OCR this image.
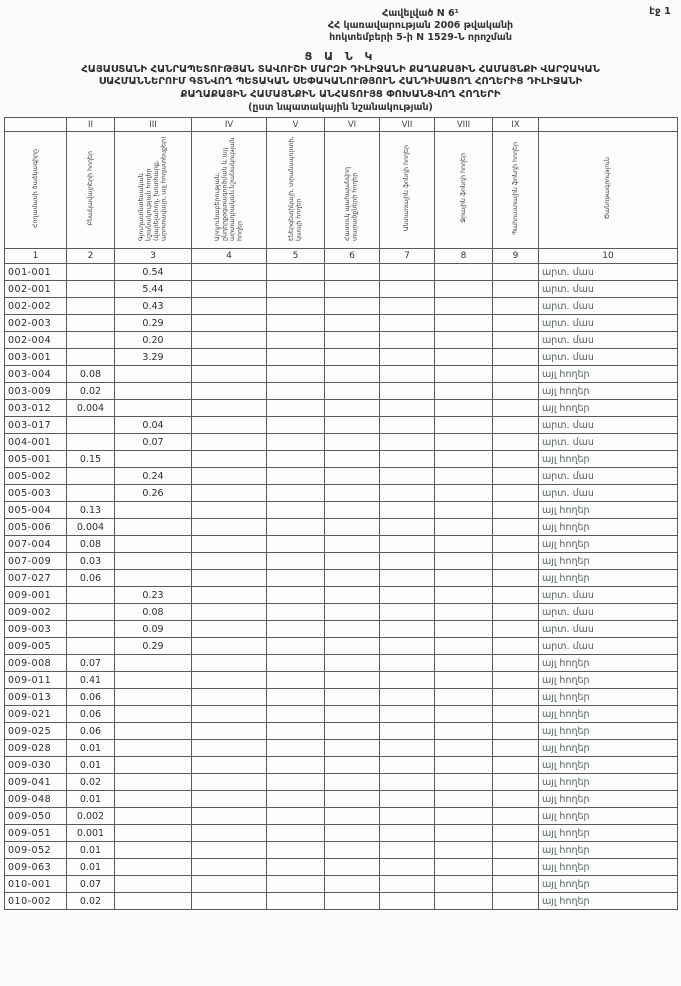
էջ 1
Հավելված N 6¹
ՀՀ կառավարության 2006 թվականի
հոկտեմբերի 5-ի N 1529-Ն որոշման
Ց Ա Ն Կ
ՀԱՅԱՍՏԱՆԻ ՀԱՆՐԱՊԵՏՈՒԹՅԱՆ ՏԱՎՈՒՇԻ ՄԱՐԶԻ ԴԻԼԻՋԱՆԻ ՔԱՂԱՔԱՅԻՆ ՀԱՄԱՅՆՔԻ ՎԱՐՉԱԿԱՆ
ՍԱՀՄԱՆՆԵՐՈՒՄ ԳՏՆՎՈՂ ՊԵՏԱԿԱՆ ՍԵՓԱԿԱՆՈՒԹՅՈՒՆ ՀԱՆԴԻՍԱՑՈՂ ՀՈՂԵՐԻՑ ԴԻԼԻՋԱՆԻ
ՔԱՂԱՔԱՅԻՆ ՀԱՄԱՅՆՔԻՆ ԱՆՀԱՏՈՒՅՑ ՓՈԽԱՆՑՎՈՂ ՀՈՂԵՐԻ
(ըստ նպատակային նշանակության)
	II	III	IV	V	VI	VII	VIII	IX	
Հողամասի ծածկագիրը	Բնակավայրերի հողեր	Գյուղատնտեսական նշանակության հողեր (վարելահող, խոտհարք, արոտավայր, այլ հողատեսքեր)	Արդյունաբերության, ընդերքօգտագործման և այլ արտադրական նշանակության հողեր	Էներգետիկայի, տրանսպորտի, կապի հողեր	Հատուկ պահպանվող տարածքների հողեր	Անտառային ֆոնդի հողեր	Ջրային ֆոնդի հողեր	Պահուստային ֆոնդի հողեր	Ծանոթագրություն
1	2	3	4	5	6	7	8	9	10
001-001		0.54							արտ. մաս
002-001		5.44							արտ. մաս
002-002		0.43							արտ. մաս
002-003		0.29							արտ. մաս
002-004		0.20							արտ. մաս
003-001		3.29							արտ. մաս
003-004	0.08								այլ հողեր
003-009	0.02								այլ հողեր
003-012	0.004								այլ հողեր
003-017		0.04							արտ. մաս
004-001		0.07							արտ. մաս
005-001	0.15								այլ հողեր
005-002		0.24							արտ. մաս
005-003		0.26							արտ. մաս
005-004	0.13								այլ հողեր
005-006	0.004								այլ հողեր
007-004	0.08								այլ հողեր
007-009	0.03								այլ հողեր
007-027	0.06								այլ հողեր
009-001		0.23							արտ. մաս
009-002		0.08							արտ. մաս
009-003		0.09							արտ. մաս
009-005		0.29							արտ. մաս
009-008	0.07								այլ հողեր
009-011	0.41								այլ հողեր
009-013	0.06								այլ հողեր
009-021	0.06								այլ հողեր
009-025	0.06								այլ հողեր
009-028	0.01								այլ հողեր
009-030	0.01								այլ հողեր
009-041	0.02								այլ հողեր
009-048	0.01								այլ հողեր
009-050	0.002								այլ հողեր
009-051	0.001								այլ հողեր
009-052	0.01								այլ հողեր
009-063	0.01								այլ հողեր
010-001	0.07								այլ հողեր
010-002	0.02								այլ հողեր
